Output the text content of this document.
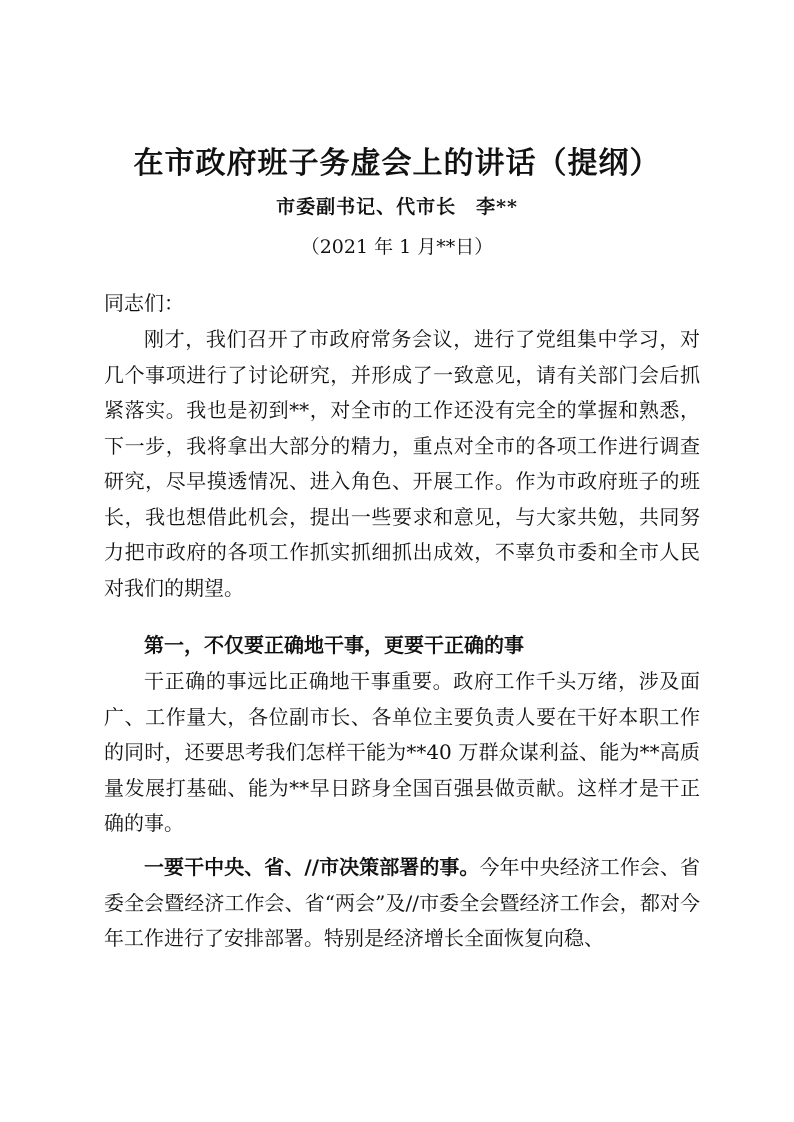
在市政府班子务虚会上的讲话（提纲）
市委副书记、代市长　李**
（2021 年 1 月**日）

同志们：

刚才，我们召开了市政府常务会议，进行了党组集中学习，对几个事项进行了讨论研究，并形成了一致意见，请有关部门会后抓紧落实。我也是初到**，对全市的工作还没有完全的掌握和熟悉，下一步，我将拿出大部分的精力，重点对全市的各项工作进行调查研究，尽早摸透情况、进入角色、开展工作。作为市政府班子的班长，我也想借此机会，提出一些要求和意见，与大家共勉，共同努力把市政府的各项工作抓实抓细抓出成效，不辜负市委和全市人民对我们的期望。

第一，不仅要正确地干事，更要干正确的事

干正确的事远比正确地干事重要。政府工作千头万绪，涉及面广、工作量大，各位副市长、各单位主要负责人要在干好本职工作的同时，还要思考我们怎样干能为**40 万群众谋利益、能为**高质量发展打基础、能为**早日跻身全国百强县做贡献。这样才是干正确的事。

一要干中央、省、//市决策部署的事。今年中央经济工作会、省委全会暨经济工作会、省“两会”及//市委全会暨经济工作会，都对今年工作进行了安排部署。特别是经济增长全面恢复向稳、
